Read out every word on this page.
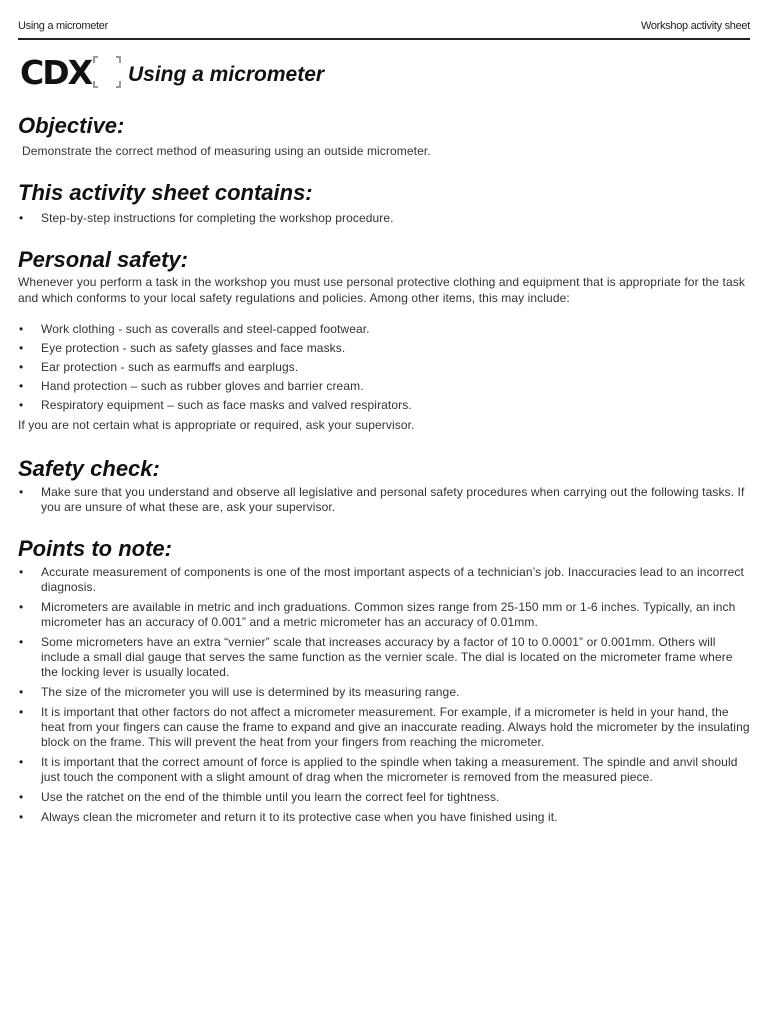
Using a micrometer	Workshop activity sheet
CDX Using a micrometer
Objective:

Demonstrate the correct method of measuring using an outside micrometer.

This activity sheet contains:
• Step-by-step instructions for completing the workshop procedure.
Personal safety:

Whenever you perform a task in the workshop you must use personal protective clothing and equipment that is appropriate for the task and which conforms to your local safety regulations and policies. Among other items, this may include:

• Work clothing - such as coveralls and steel-capped footwear.
• Eye protection - such as safety glasses and face masks.
• Ear protection - such as earmuffs and earplugs.
• Hand protection – such as rubber gloves and barrier cream.
• Respiratory equipment – such as face masks and valved respirators.

If you are not certain what is appropriate or required, ask your supervisor.

Safety check:
• Make sure that you understand and observe all legislative and personal safety procedures when carrying out the following tasks. If you are unsure of what these are, ask your supervisor.
Points to note:
• Accurate measurement of components is one of the most important aspects of a technician’s job. Inaccuracies lead to an incorrect diagnosis.
• Micrometers are available in metric and inch graduations. Common sizes range from 25-150 mm or 1-6 inches. Typically, an inch micrometer has an accuracy of 0.001” and a metric micrometer has an accuracy of 0.01mm.
• Some micrometers have an extra “vernier” scale that increases accuracy by a factor of 10 to 0.0001” or 0.001mm. Others will include a small dial gauge that serves the same function as the vernier scale. The dial is located on the micrometer frame where the locking lever is usually located.
• The size of the micrometer you will use is determined by its measuring range.
• It is important that other factors do not affect a micrometer measurement. For example, if a micrometer is held in your hand, the heat from your fingers can cause the frame to expand and give an inaccurate reading. Always hold the micrometer by the insulating block on the frame. This will prevent the heat from your fingers from reaching the micrometer.
• It is important that the correct amount of force is applied to the spindle when taking a measurement. The spindle and anvil should just touch the component with a slight amount of drag when the micrometer is removed from the measured piece.
• Use the ratchet on the end of the thimble until you learn the correct feel for tightness.
• Always clean the micrometer and return it to its protective case when you have finished using it.
